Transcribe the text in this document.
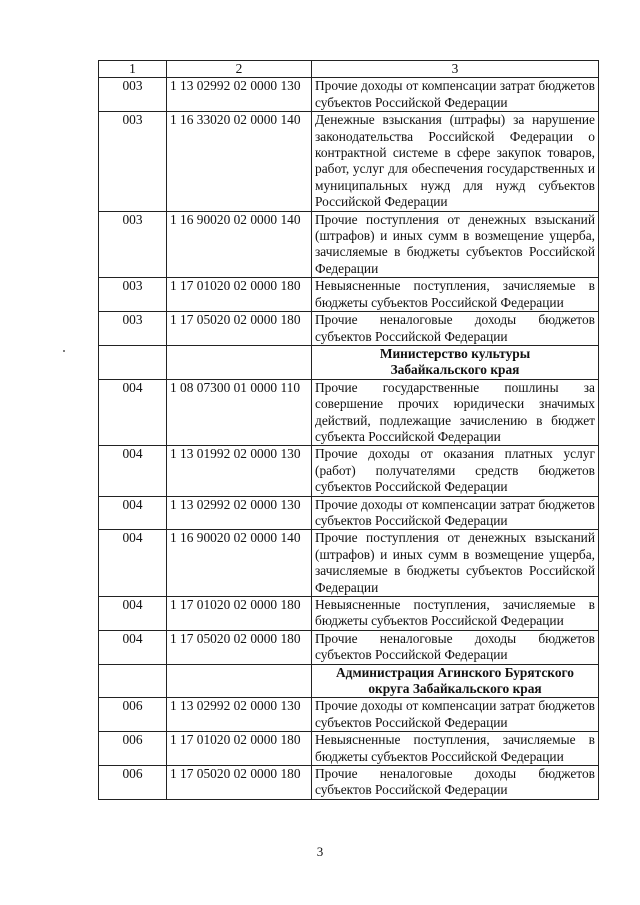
1	2	3
003	1 13 02992 02 0000 130	Прочие доходы от компенсации затрат бюджетов субъектов Российской Федерации
003	1 16 33020 02 0000 140	Денежные взыскания (штрафы) за нарушение законодательства Российской Федерации о контрактной системе в сфере закупок товаров, работ, услуг для обеспечения государственных и муниципальных нужд для нужд субъектов Российской Федерации
003	1 16 90020 02 0000 140	Прочие поступления от денежных взысканий (штрафов) и иных сумм в возмещение ущерба, зачисляемые в бюджеты субъектов Российской Федерации
003	1 17 01020 02 0000 180	Невыясненные поступления, зачисляемые в бюджеты субъектов Российской Федерации
003	1 17 05020 02 0000 180	Прочие неналоговые доходы бюджетов субъектов Российской Федерации

		Министерство культуры
Забайкальского края

004	1 08 07300 01 0000 110	Прочие государственные пошлины за совершение прочих юридически значимых действий, подлежащие зачислению в бюджет субъекта Российской Федерации
004	1 13 01992 02 0000 130	Прочие доходы от оказания платных услуг (работ) получателями средств бюджетов субъектов Российской Федерации
004	1 13 02992 02 0000 130	Прочие доходы от компенсации затрат бюджетов субъектов Российской Федерации
004	1 16 90020 02 0000 140	Прочие поступления от денежных взысканий (штрафов) и иных сумм в возмещение ущерба, зачисляемые в бюджеты субъектов Российской Федерации
004	1 17 01020 02 0000 180	Невыясненные поступления, зачисляемые в бюджеты субъектов Российской Федерации
004	1 17 05020 02 0000 180	Прочие неналоговые доходы бюджетов субъектов Российской Федерации

		Администрация Агинского Бурятского
округа Забайкальского края

006	1 13 02992 02 0000 130	Прочие доходы от компенсации затрат бюджетов субъектов Российской Федерации
006	1 17 01020 02 0000 180	Невыясненные поступления, зачисляемые в бюджеты субъектов Российской Федерации
006	1 17 05020 02 0000 180	Прочие неналоговые доходы бюджетов субъектов Российской Федерации
3
